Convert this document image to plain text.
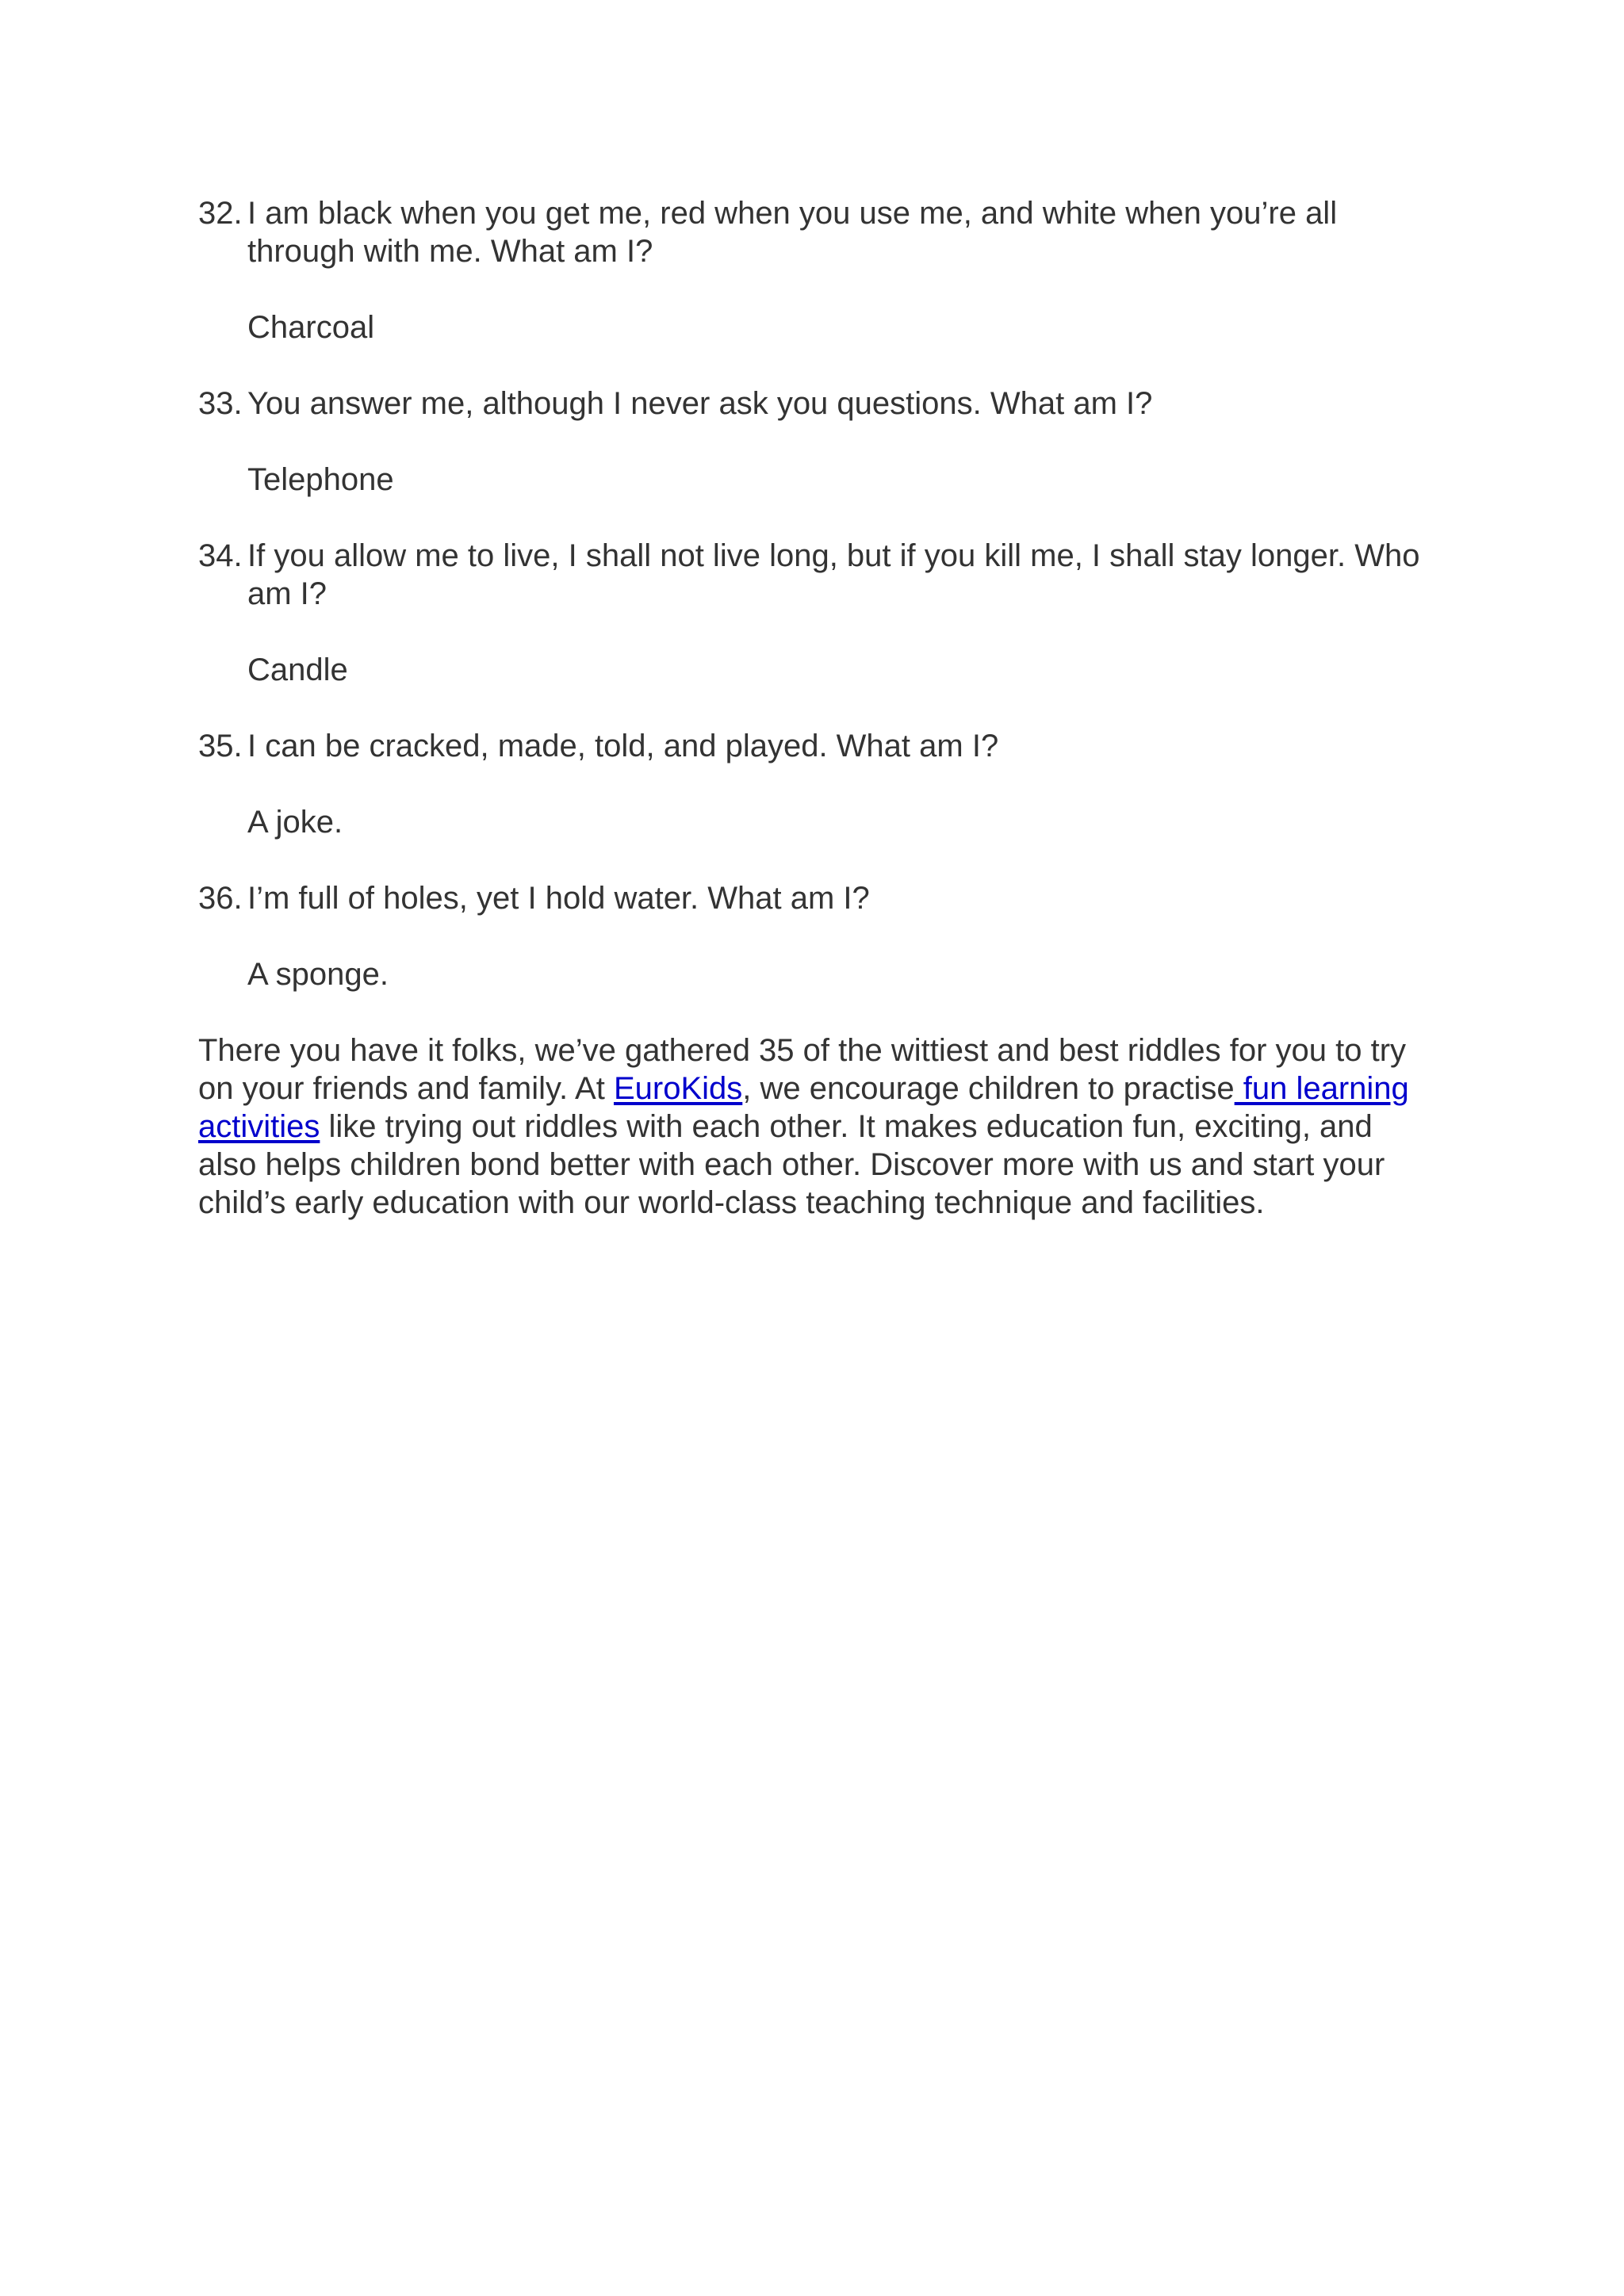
32. I am black when you get me, red when you use me, and white when you’re all through with me. What am I?
Charcoal
33. You answer me, although I never ask you questions. What am I?
Telephone
34. If you allow me to live, I shall not live long, but if you kill me, I shall stay longer. Who am I?
Candle
35. I can be cracked, made, told, and played. What am I?
A joke.
36. I’m full of holes, yet I hold water. What am I?
A sponge.

There you have it folks, we’ve gathered 35 of the wittiest and best riddles for you to try on your friends and family. At EuroKids, we encourage children to practise fun learning activities like trying out riddles with each other. It makes education fun, exciting, and also helps children bond better with each other. Discover more with us and start your child’s early education with our world-class teaching technique and facilities.
